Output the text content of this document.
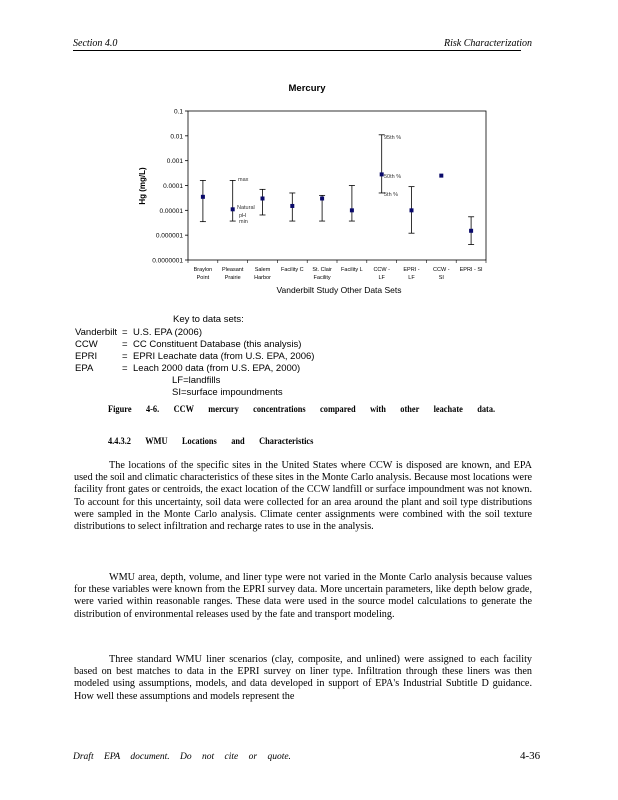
Section 4.0	Risk Characterization
Mercury
0.1
0.01
0.001
0.0001
0.00001
0.000001
0.0000001
Hg (mg/L)
Braylon
Point
Pleasant
Prairie
Salem
Harbor
Facility C St. Clair
Facility
Facility L CCW -
LF
EPRI -
LF
CCW -
SI
EPRI - SI
Vanderbilt Study Other Data Sets
max
Natural
pH
min
95th %
50th %
5th %
Key to data sets:
Vanderbilt = U.S. EPA (2006)
CCW	= CC Constituent Database (this analysis)
EPRI	= EPRI Leachate data (from U.S. EPA, 2006)
EPA	= Leach 2000 data (from U.S. EPA, 2000)
LF=landfills
SI=surface impoundments
Figure 4-6. CCW mercury concentrations compared with other leachate data.
4.4.3.2 WMU Locations and Characteristics
The locations of the specific sites in the United States where CCW is disposed are known, and EPA used the soil and climatic characteristics of these sites in the Monte Carlo analysis. Because most locations were facility front gates or centroids, the exact location of the CCW landfill or surface impoundment was not known. To account for this uncertainty, soil data were collected for an area around the plant and soil type distributions were sampled in the Monte Carlo analysis. Climate center assignments were combined with the soil texture distributions to select infiltration and recharge rates to use in the analysis.
WMU area, depth, volume, and liner type were not varied in the Monte Carlo analysis because values for these variables were known from the EPRI survey data. More uncertain parameters, like depth below grade, were varied within reasonable ranges. These data were used in the source model calculations to generate the distribution of environmental releases used by the fate and transport modeling.
Three standard WMU liner scenarios (clay, composite, and unlined) were assigned to each facility based on best matches to data in the EPRI survey on liner type. Infiltration through these liners was then modeled using assumptions, models, and data developed in support of EPA's Industrial Subtitle D guidance. How well these assumptions and models represent the
Draft EPA document. Do not cite or quote.	4-36
